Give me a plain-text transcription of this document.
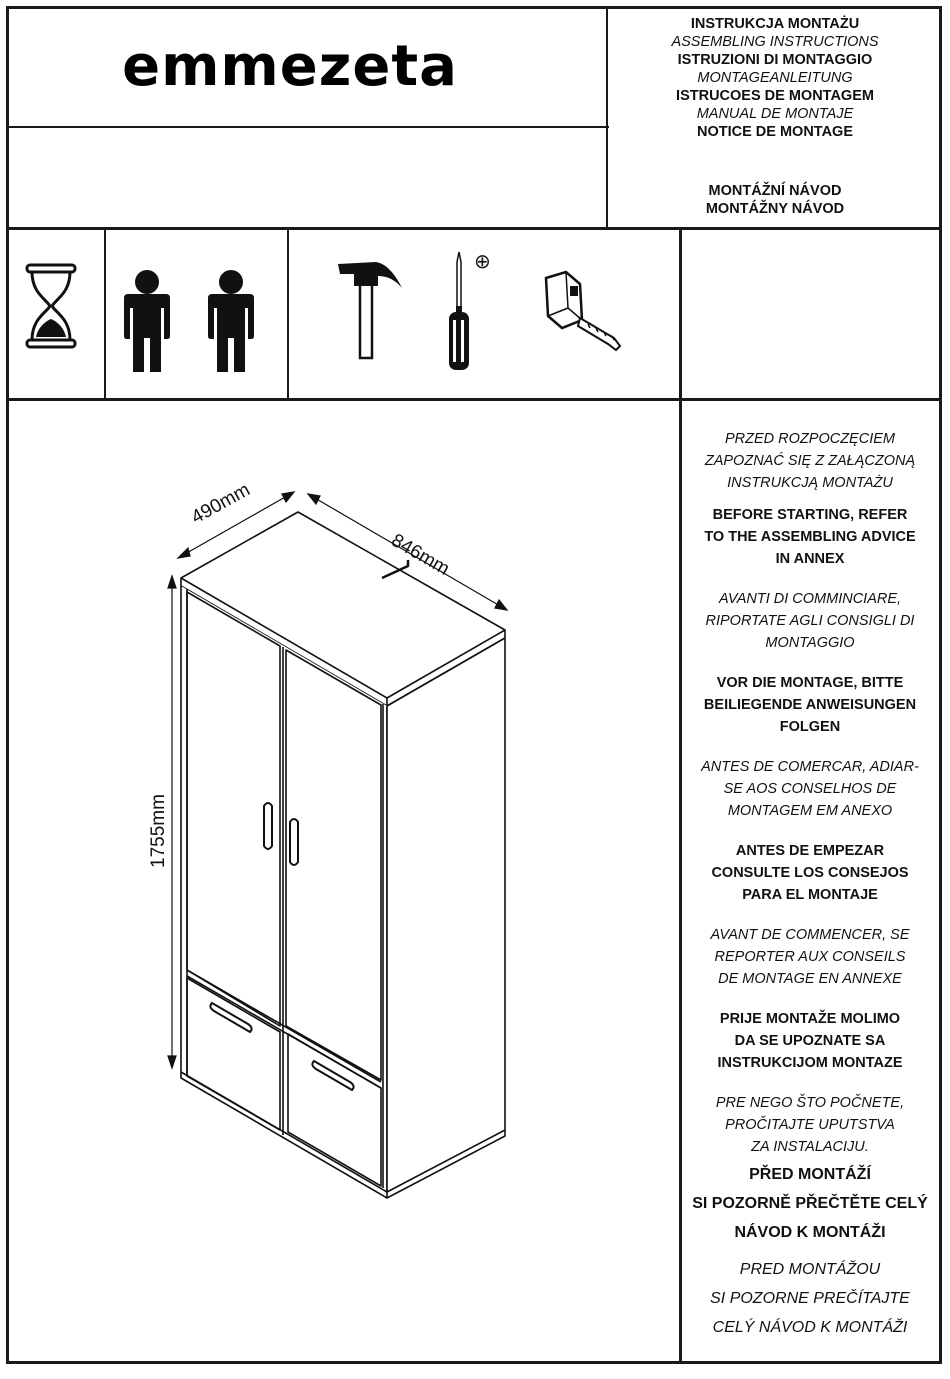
emmezeta
INSTRUKCJA MONTAŻU
ASSEMBLING INSTRUCTIONS
ISTRUZIONI DI MONTAGGIO
MONTAGEANLEITUNG
ISTRUCOES DE MONTAGEM
MANUAL DE MONTAJE
NOTICE DE MONTAGE
MONTÁŽNÍ NÁVOD
MONTÁŽNY NÁVOD
⊕
490mm
846mm
1755mm
PRZED ROZPOCZĘCIEM
ZAPOZNAĆ SIĘ Z ZAŁĄCZONĄ
INSTRUKCJĄ MONTAŻU
BEFORE STARTING, REFER
TO THE ASSEMBLING ADVICE
IN ANNEX
AVANTI DI COMMINCIARE,
RIPORTATE AGLI CONSIGLI DI
MONTAGGIO
VOR DIE MONTAGE, BITTE
BEILIEGENDE ANWEISUNGEN
FOLGEN
ANTES DE COMERCAR, ADIAR-
SE AOS CONSELHOS DE
MONTAGEM EM ANEXO
ANTES DE EMPEZAR
CONSULTE LOS CONSEJOS
PARA EL MONTAJE
AVANT DE COMMENCER, SE
REPORTER AUX CONSEILS
DE MONTAGE EN ANNEXE
PRIJE MONTAŽE MOLIMO
DA SE UPOZNATE SA
INSTRUKCIJOM MONTAZE
PRE NEGO ŠTO POČNETE,
PROČITAJTE UPUTSTVA
ZA INSTALACIJU.
PŘED MONTÁŽÍ
SI POZORNĚ PŘEČTĚTE CELÝ
NÁVOD K MONTÁŽI
PRED MONTÁŽOU
SI POZORNE PREČÍTAJTE
CELÝ NÁVOD K MONTÁŽI
